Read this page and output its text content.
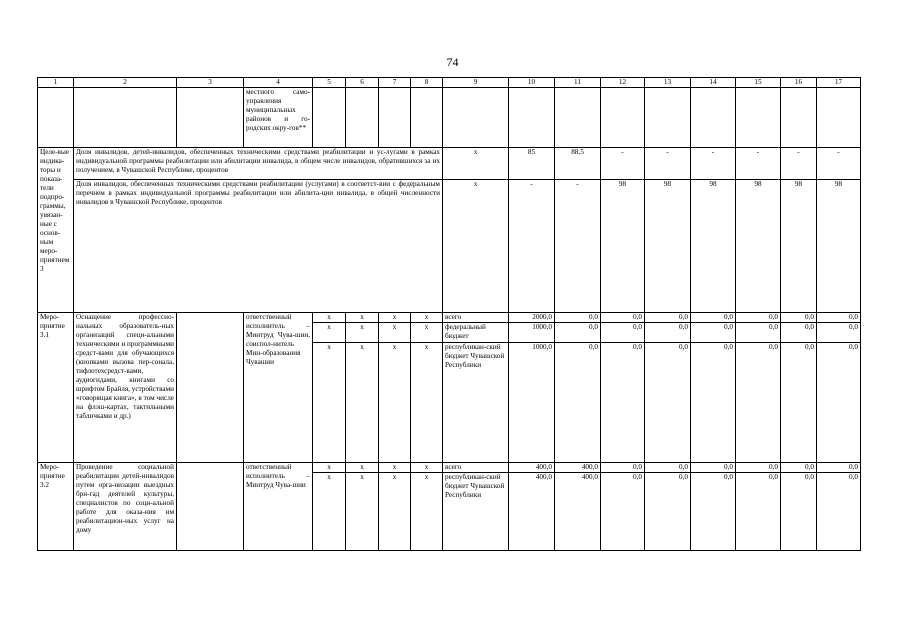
74
1	2	3	4	5	6	7	8	9	10	11	12	13	14	15	16	17
			местного само-управления муниципальных районов и го-родских окру-гов**													
Целе-вые индика-торы и показа-тели подпро-граммы, увязан-ные с основ-ным меро-приятием 3	Доля инвалидов, детей-инвалидов, обеспеченных техническими средствами реабилитации и ус-лугами в рамках индивидуальной программы реабилитации или абилитации инвалида, в общем числе инвалидов, обратившихся за их получением, в Чувашской Республике, процентов							х	85	88,5	-	-	-	-	-	-
	Доля инвалидов, обеспеченных техническими средствами реабилитации (услугами) в соответст-вии с федеральным перечнем в рамках индивидуальной программы реабилитации или абилита-ции инвалида, в общей численности инвалидов в Чувашской Республике, процентов							х	-	-	98	98	98	98	98	98
Меро-приятие 3.1	Оснащение профессио-нальных образователь-ных организаций специ-альными техническими и программными средст-вами для обучающихся (кнопками вызова пер-сонала, тифлотехсредст-вами, аудиогидами, книгами со шрифтом Брайля, устройствами «говорящая книга», в том числе на флэш-картах, тактильными табличками и др.)		ответственный исполнитель – Минтруд Чува-шии, соиспол-нитель Мин-образования Чувашии	х	х	х	х	всего	2000,0	0,0	0,0	0,0	0,0	0,0	0,0	0,0
				х	х	х	х	федеральный бюджет	1000,0	0,0	0,0	0,0	0,0	0,0	0,0	0,0
				х	х	х	х	республикан-ский бюджет Чувашской Республики	1000,0	0,0	0,0	0,0	0,0	0,0	0,0	0,0
Меро-приятие 3.2	Проведение социальной реабилитации детей-инвалидов путем орга-низации выездных бри-гад деятелей культуры, специалистов по соци-альной работе для оказа-ния им реабилитацион-ных услуг на дому		ответственный исполнитель – Минтруд Чува-шии	х	х	х	х	всего	400,0	400,0	0,0	0,0	0,0	0,0	0,0	0,0
				х	х	х	х	республикан-ский бюджет Чувашской Республики	400,0	400,0	0,0	0,0	0,0	0,0	0,0	0,0
